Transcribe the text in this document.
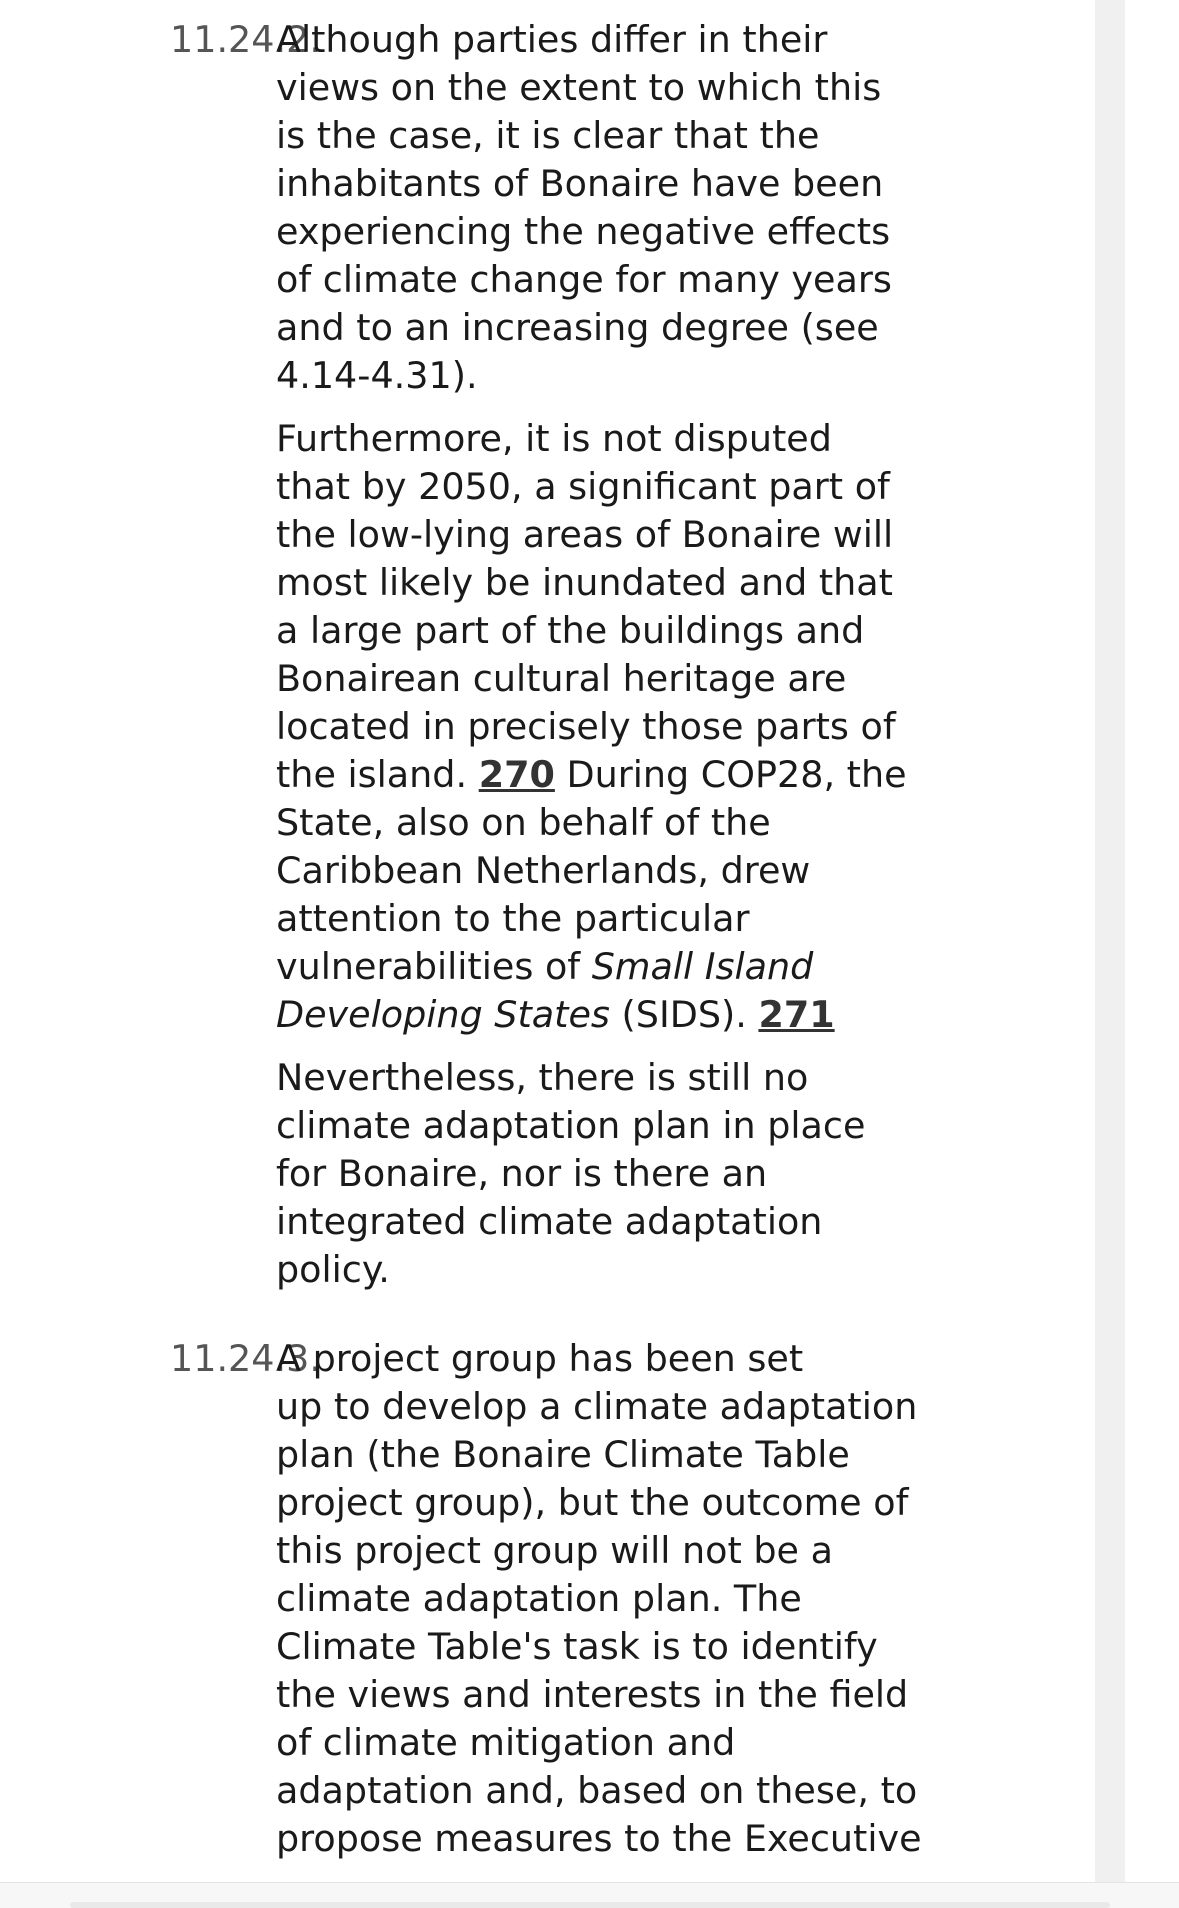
11.24.2.
Although parties differ in their
views on the extent to which this
is the case, it is clear that the
inhabitants of Bonaire have been
experiencing the negative effects
of climate change for many years
and to an increasing degree (see
4.14-4.31).
Furthermore, it is not disputed
that by 2050, a significant part of
the low-lying areas of Bonaire will
most likely be inundated and that
a large part of the buildings and
Bonairean cultural heritage are
located in precisely those parts of
the island. 270 During COP28, the
State, also on behalf of the
Caribbean Netherlands, drew
attention to the particular
vulnerabilities of Small Island
Developing States (SIDS). 271
Nevertheless, there is still no
climate adaptation plan in place
for Bonaire, nor is there an
integrated climate adaptation
policy.
11.24.3.
A project group has been set
up to develop a climate adaptation
plan (the Bonaire Climate Table
project group), but the outcome of
this project group will not be a
climate adaptation plan. The
Climate Table's task is to identify
the views and interests in the field
of climate mitigation and
adaptation and, based on these, to
propose measures to the Executive
